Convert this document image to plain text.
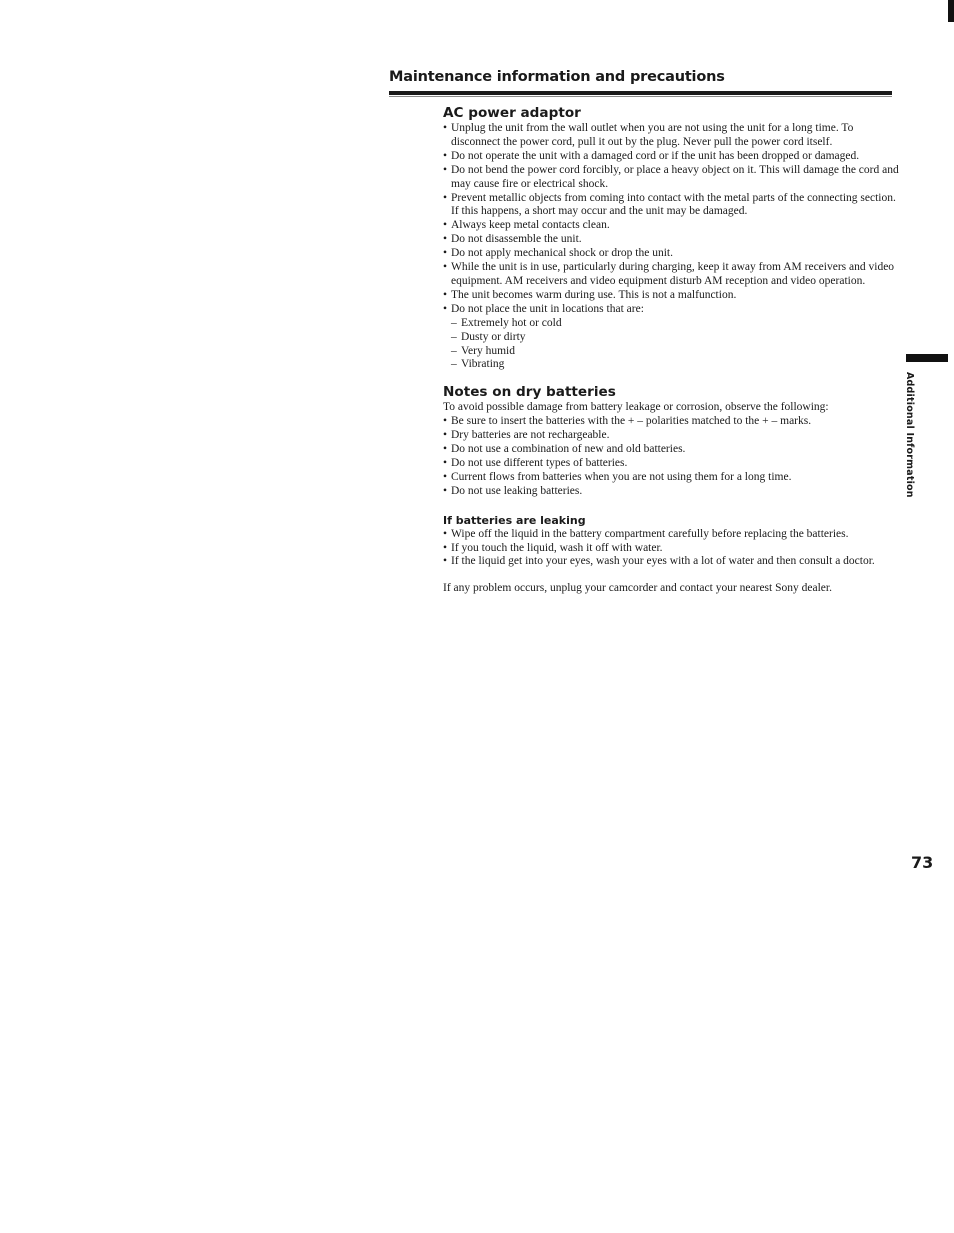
Maintenance information and precautions
AC power adaptor
• Unplug the unit from the wall outlet when you are not using the unit for a long time. To disconnect the power cord, pull it out by the plug. Never pull the power cord itself.
• Do not operate the unit with a damaged cord or if the unit has been dropped or damaged.
• Do not bend the power cord forcibly, or place a heavy object on it. This will damage the cord and may cause fire or electrical shock.
• Prevent metallic objects from coming into contact with the metal parts of the connecting section. If this happens, a short may occur and the unit may be damaged.
• Always keep metal contacts clean.
• Do not disassemble the unit.
• Do not apply mechanical shock or drop the unit.
• While the unit is in use, particularly during charging, keep it away from AM receivers and video equipment. AM receivers and video equipment disturb AM reception and video operation.
• The unit becomes warm during use. This is not a malfunction.
• Do not place the unit in locations that are:
– Extremely hot or cold
– Dusty or dirty
– Very humid
– Vibrating
Notes on dry batteries

To avoid possible damage from battery leakage or corrosion, observe the following:

• Be sure to insert the batteries with the + – polarities matched to the + – marks.
• Dry batteries are not rechargeable.
• Do not use a combination of new and old batteries.
• Do not use different types of batteries.
• Current flows from batteries when you are not using them for a long time.
• Do not use leaking batteries.
If batteries are leaking
• Wipe off the liquid in the battery compartment carefully before replacing the batteries.
• If you touch the liquid, wash it off with water.
• If the liquid get into your eyes, wash your eyes with a lot of water and then consult a doctor.

If any problem occurs, unplug your camcorder and contact your nearest Sony dealer.

Additional Information
73
